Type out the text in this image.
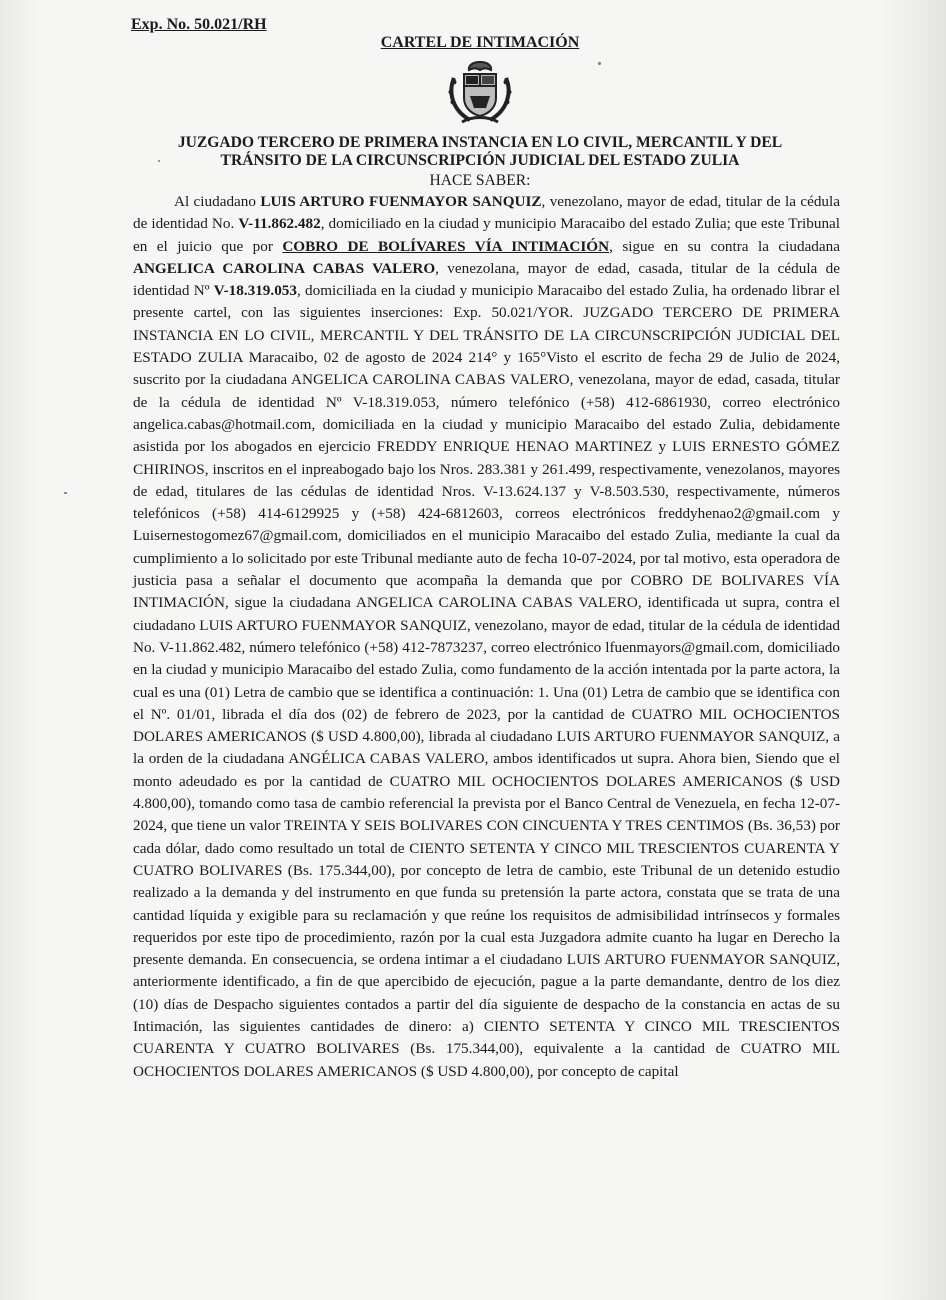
Exp. No. 50.021/RH
CARTEL DE INTIMACIÓN
JUZGADO TERCERO DE PRIMERA INSTANCIA EN LO CIVIL, MERCANTIL Y DEL
TRÁNSITO DE LA CIRCUNSCRIPCIÓN JUDICIAL DEL ESTADO ZULIA
HACE SABER:

Al ciudadano LUIS ARTURO FUENMAYOR SANQUIZ, venezolano, mayor de edad, titular de la cédula de identidad No. V-11.862.482, domiciliado en la ciudad y municipio Maracaibo del estado Zulia; que este Tribunal en el juicio que por COBRO DE BOLÍVARES VÍA INTIMACIÓN, sigue en su contra la ciudadana ANGELICA CAROLINA CABAS VALERO, venezolana, mayor de edad, casada, titular de la cédula de identidad Nº V-18.319.053, domiciliada en la ciudad y municipio Maracaibo del estado Zulia, ha ordenado librar el presente cartel, con las siguientes inserciones: Exp. 50.021/YOR. JUZGADO TERCERO DE PRIMERA INSTANCIA EN LO CIVIL, MERCANTIL Y DEL TRÁNSITO DE LA CIRCUNSCRIPCIÓN JUDICIAL DEL ESTADO ZULIA Maracaibo, 02 de agosto de 2024 214° y 165°Visto el escrito de fecha 29 de Julio de 2024, suscrito por la ciudadana ANGELICA CAROLINA CABAS VALERO, venezolana, mayor de edad, casada, titular de la cédula de identidad Nº V-18.319.053, número telefónico (+58) 412-6861930, correo electrónico angelica.cabas@hotmail.com, domiciliada en la ciudad y municipio Maracaibo del estado Zulia, debidamente asistida por los abogados en ejercicio FREDDY ENRIQUE HENAO MARTINEZ y LUIS ERNESTO GÓMEZ CHIRINOS, inscritos en el inpreabogado bajo los Nros. 283.381 y 261.499, respectivamente, venezolanos, mayores de edad, titulares de las cédulas de identidad Nros. V-13.624.137 y V-8.503.530, respectivamente, números telefónicos (+58) 414-6129925 y (+58) 424-6812603, correos electrónicos freddyhenao2@gmail.com y Luisernestogomez67@gmail.com, domiciliados en el municipio Maracaibo del estado Zulia, mediante la cual da cumplimiento a lo solicitado por este Tribunal mediante auto de fecha 10-07-2024, por tal motivo, esta operadora de justicia pasa a señalar el documento que acompaña la demanda que por COBRO DE BOLIVARES VÍA INTIMACIÓN, sigue la ciudadana ANGELICA CAROLINA CABAS VALERO, identificada ut supra, contra el ciudadano LUIS ARTURO FUENMAYOR SANQUIZ, venezolano, mayor de edad, titular de la cédula de identidad No. V-11.862.482, número telefónico (+58) 412-7873237, correo electrónico lfuenmayors@gmail.com, domiciliado en la ciudad y municipio Maracaibo del estado Zulia, como fundamento de la acción intentada por la parte actora, la cual es una (01) Letra de cambio que se identifica a continuación: 1. Una (01) Letra de cambio que se identifica con el Nº. 01/01, librada el día dos (02) de febrero de 2023, por la cantidad de CUATRO MIL OCHOCIENTOS DOLARES AMERICANOS ($ USD 4.800,00), librada al ciudadano LUIS ARTURO FUENMAYOR SANQUIZ, a la orden de la ciudadana ANGÉLICA CABAS VALERO, ambos identificados ut supra. Ahora bien, Siendo que el monto adeudado es por la cantidad de CUATRO MIL OCHOCIENTOS DOLARES AMERICANOS ($ USD 4.800,00), tomando como tasa de cambio referencial la prevista por el Banco Central de Venezuela, en fecha 12-07-2024, que tiene un valor TREINTA Y SEIS BOLIVARES CON CINCUENTA Y TRES CENTIMOS (Bs. 36,53) por cada dólar, dado como resultado un total de CIENTO SETENTA Y CINCO MIL TRESCIENTOS CUARENTA Y CUATRO BOLIVARES (Bs. 175.344,00), por concepto de letra de cambio, este Tribunal de un detenido estudio realizado a la demanda y del instrumento en que funda su pretensión la parte actora, constata que se trata de una cantidad líquida y exigible para su reclamación y que reúne los requisitos de admisibilidad intrínsecos y formales requeridos por este tipo de procedimiento, razón por la cual esta Juzgadora admite cuanto ha lugar en Derecho la presente demanda. En consecuencia, se ordena intimar a el ciudadano LUIS ARTURO FUENMAYOR SANQUIZ, anteriormente identificado, a fin de que apercibido de ejecución, pague a la parte demandante, dentro de los diez (10) días de Despacho siguientes contados a partir del día siguiente de despacho de la constancia en actas de su Intimación, las siguientes cantidades de dinero: a) CIENTO SETENTA Y CINCO MIL TRESCIENTOS CUARENTA Y CUATRO BOLIVARES (Bs. 175.344,00), equivalente a la cantidad de CUATRO MIL OCHOCIENTOS DOLARES AMERICANOS ($ USD 4.800,00), por concepto de capital
